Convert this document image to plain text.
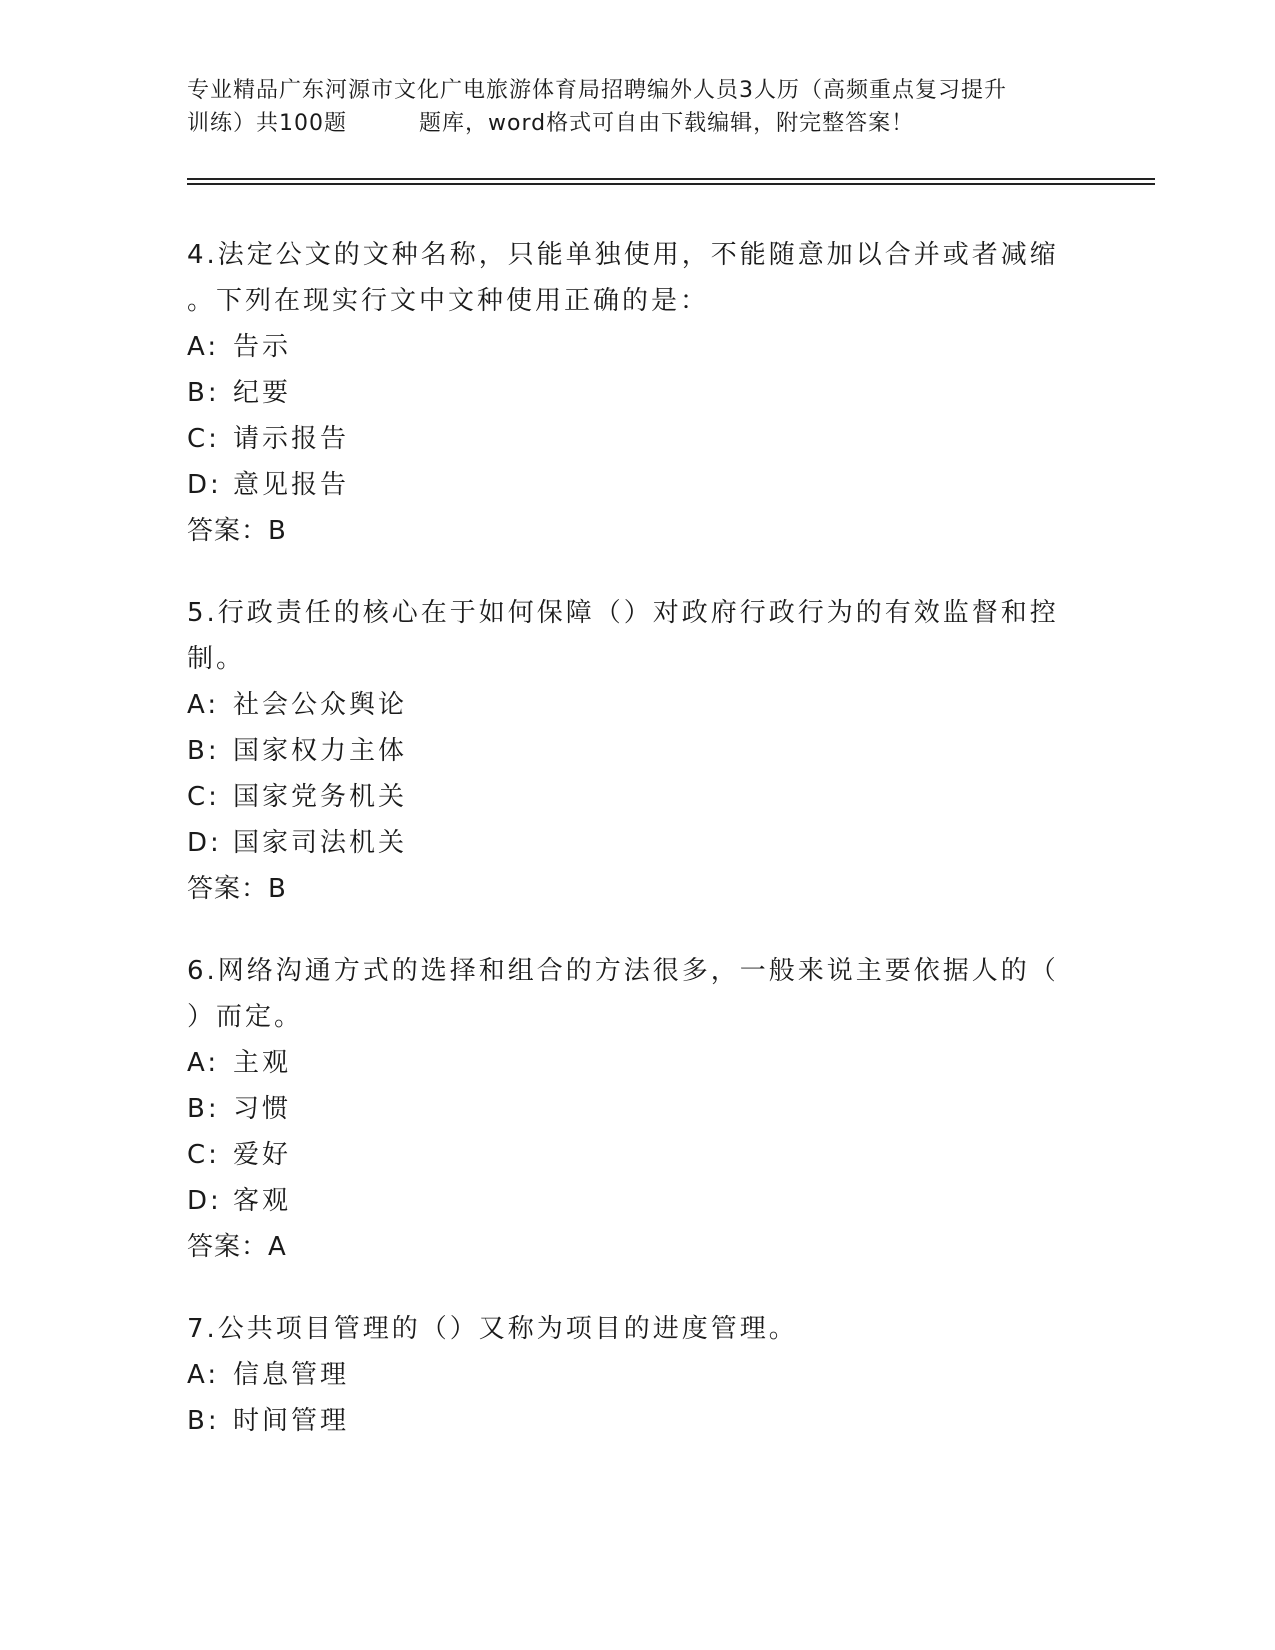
专业精品广东河源市文化广电旅游体育局招聘编外人员3人历（高频重点复习提升
训练）共100题	题库，word格式可自由下载编辑，附完整答案！

4.法定公文的文种名称，只能单独使用，不能随意加以合并或者减缩

。下列在现实行文中文种使用正确的是：

A: 告示
B: 纪要
C: 请示报告
D: 意见报告
答案：B

5.行政责任的核心在于如何保障（）对政府行政行为的有效监督和控

制。

A: 社会公众舆论
B: 国家权力主体
C: 国家党务机关
D: 国家司法机关
答案：B

6.网络沟通方式的选择和组合的方法很多，一般来说主要依据人的（

）而定。

A: 主观
B: 习惯
C: 爱好
D: 客观
答案：A

7.公共项目管理的（）又称为项目的进度管理。

A: 信息管理
B: 时间管理
